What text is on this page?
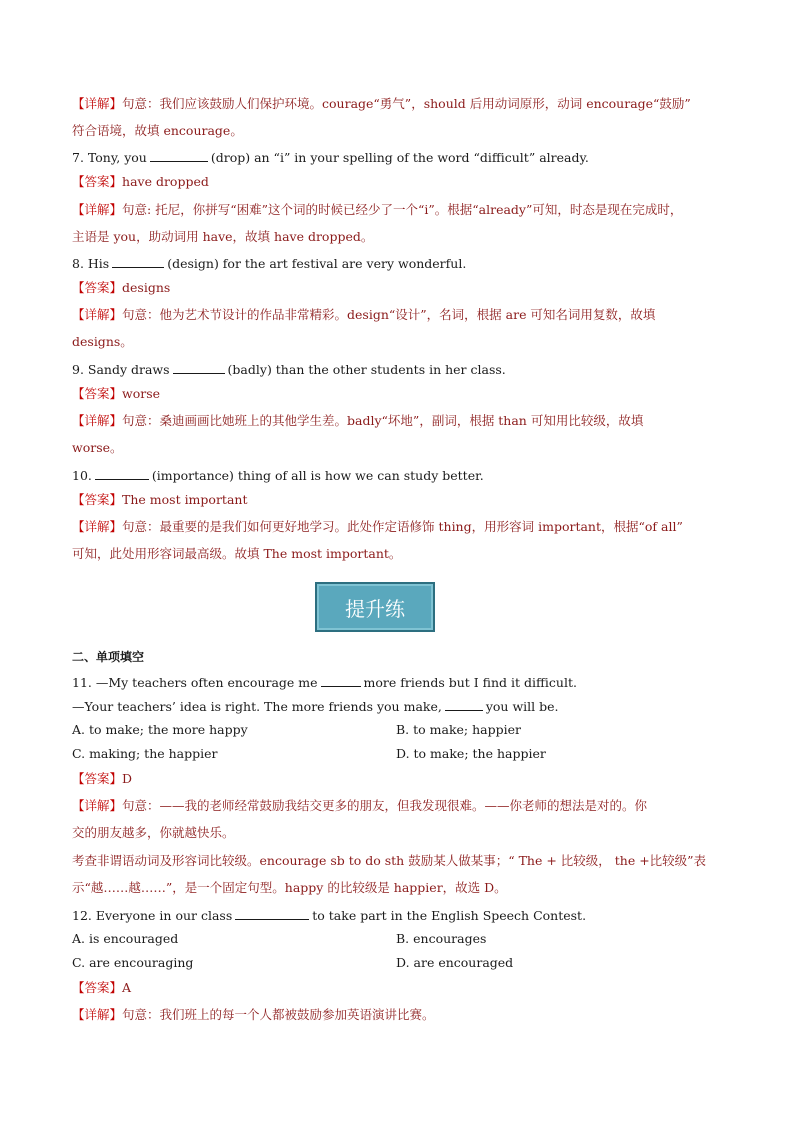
【详解】句意：我们应该鼓励人们保护环境。courage“勇气”，should 后用动词原形，动词 encourage“鼓励”
符合语境，故填 encourage。
7. Tony, you	(drop) an “i” in your spelling of the word “difficult” already.
【答案】have dropped
【详解】句意: 托尼，你拼写“困难”这个词的时候已经少了一个“i”。根据“already”可知，时态是现在完成时，
主语是 you，助动词用 have，故填 have dropped。
8. His	(design) for the art festival are very wonderful.
【答案】designs
【详解】句意：他为艺术节设计的作品非常精彩。design“设计”，名词，根据 are 可知名词用复数，故填
designs。
9. Sandy draws	(badly) than the other students in her class.
【答案】worse
【详解】句意：桑迪画画比她班上的其他学生差。badly“坏地”，副词，根据 than 可知用比较级，故填
worse。
10.	(importance) thing of all is how we can study better.
【答案】The most important
【详解】句意：最重要的是我们如何更好地学习。此处作定语修饰 thing，用形容词 important，根据“of all”
可知，此处用形容词最高级。故填 The most important。
提升练
二、单项填空
11. —My teachers often encourage me	more friends but I find it difficult.
—Your teachers’ idea is right. The more friends you make,	you will be.
A. to make; the more happy	B. to make; happier
C. making; the happier	D. to make; the happier
【答案】D
【详解】句意：——我的老师经常鼓励我结交更多的朋友，但我发现很难。——你老师的想法是对的。你
交的朋友越多，你就越快乐。
考查非谓语动词及形容词比较级。encourage sb to do sth 鼓励某人做某事；“ The + 比较级， the +比较级”表
示“越……越……”，是一个固定句型。happy 的比较级是 happier，故选 D。
12. Everyone in our class	to take part in the English Speech Contest.
A. is encouraged	B. encourages
C. are encouraging	D. are encouraged
【答案】A
【详解】句意：我们班上的每一个人都被鼓励参加英语演讲比赛。
